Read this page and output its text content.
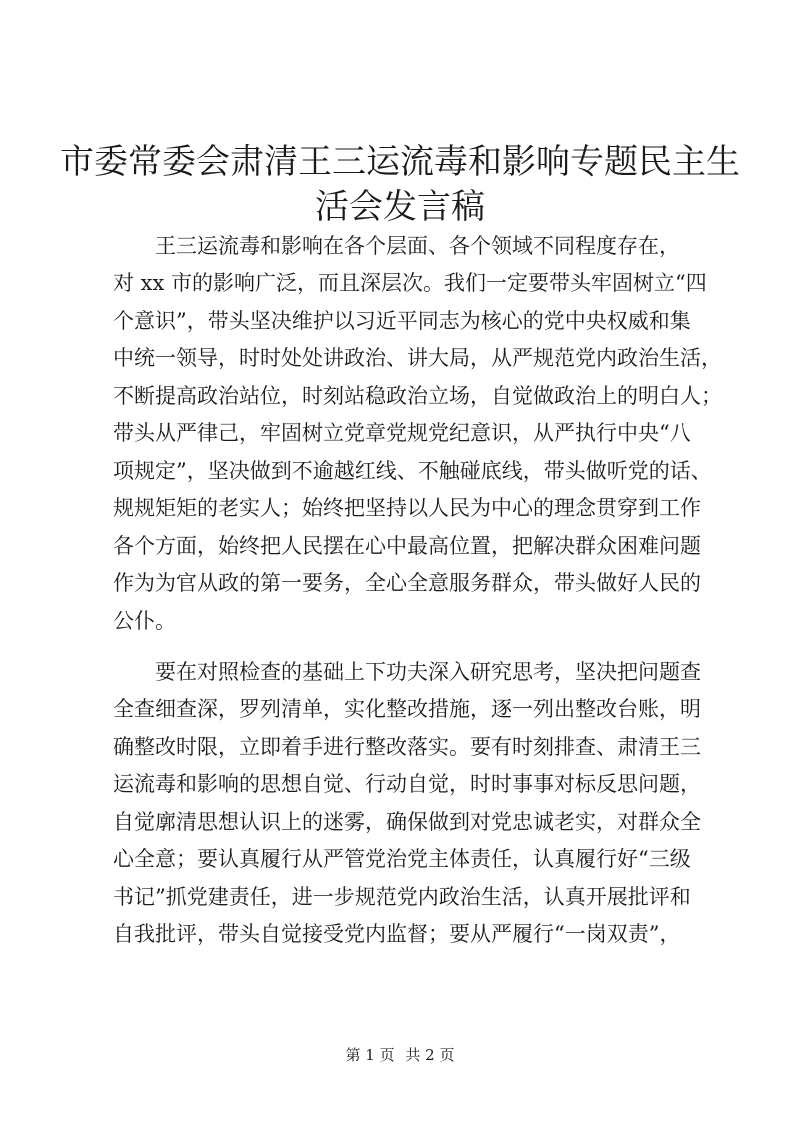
市委常委会肃清王三运流毒和影响专题民主生
活会发言稿

王三运流毒和影响在各个层面、各个领域不同程度存在，

对 xx 市的影响广泛，而且深层次。我们一定要带头牢固树立“四

个意识”，带头坚决维护以习近平同志为核心的党中央权威和集

中统一领导，时时处处讲政治、讲大局，从严规范党内政治生活，

不断提高政治站位，时刻站稳政治立场，自觉做政治上的明白人；

带头从严律己，牢固树立党章党规党纪意识，从严执行中央“八

项规定”，坚决做到不逾越红线、不触碰底线，带头做听党的话、

规规矩矩的老实人；始终把坚持以人民为中心的理念贯穿到工作

各个方面，始终把人民摆在心中最高位置，把解决群众困难问题

作为为官从政的第一要务，全心全意服务群众，带头做好人民的

公仆。

要在对照检查的基础上下功夫深入研究思考，坚决把问题查

全查细查深，罗列清单，实化整改措施，逐一列出整改台账，明

确整改时限，立即着手进行整改落实。要有时刻排查、肃清王三

运流毒和影响的思想自觉、行动自觉，时时事事对标反思问题，

自觉廓清思想认识上的迷雾，确保做到对党忠诚老实，对群众全

心全意；要认真履行从严管党治党主体责任，认真履行好“三级

书记”抓党建责任，进一步规范党内政治生活，认真开展批评和

自我批评，带头自觉接受党内监督；要从严履行“一岗双责”，

第 1 页 共 2 页
